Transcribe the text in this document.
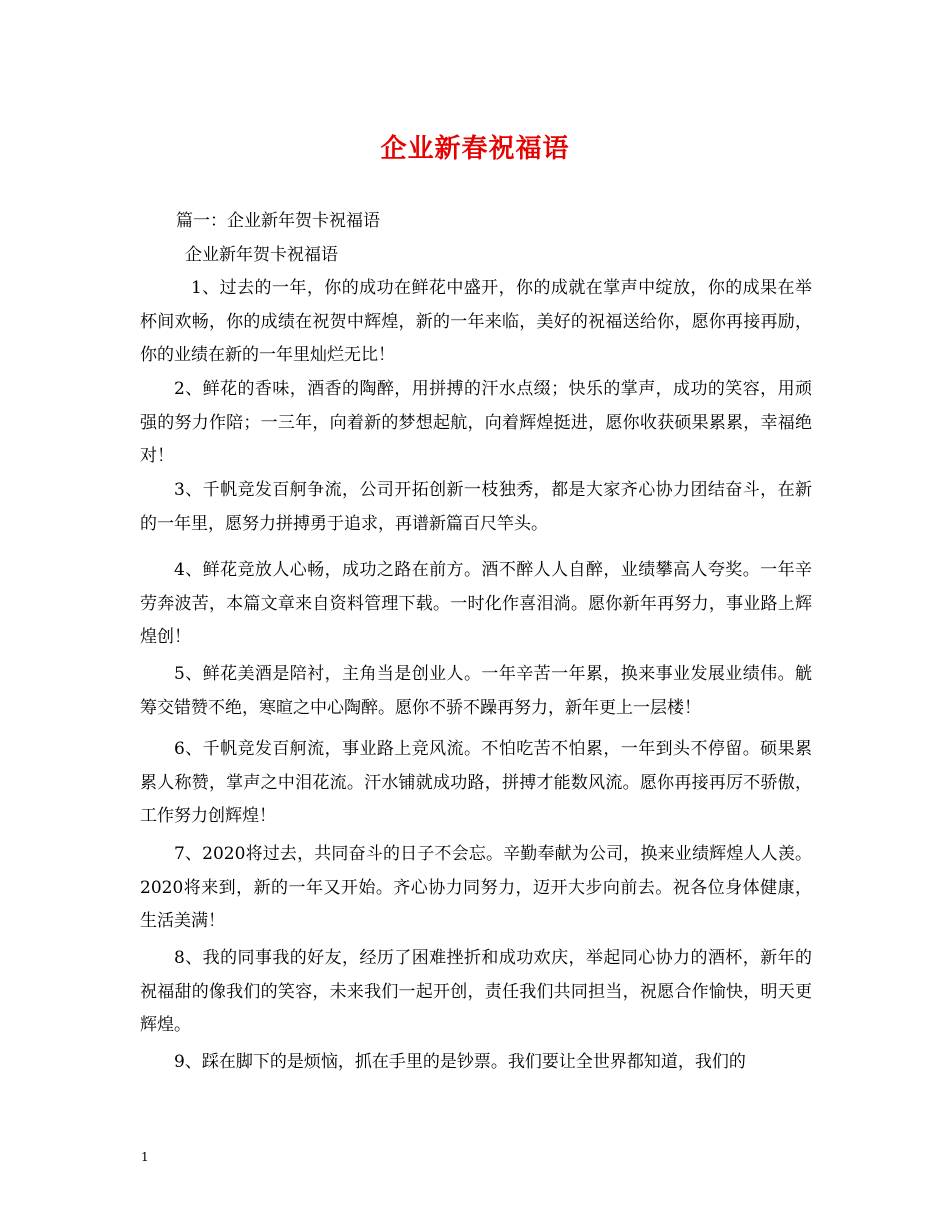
企业新春祝福语
篇一：企业新年贺卡祝福语
企业新年贺卡祝福语
1、过去的一年，你的成功在鲜花中盛开，你的成就在掌声中绽放，你的成果在举杯间欢畅，你的成绩在祝贺中辉煌，新的一年来临，美好的祝福送给你，愿你再接再励，你的业绩在新的一年里灿烂无比！
2、鲜花的香味，酒香的陶醉，用拼搏的汗水点缀；快乐的掌声，成功的笑容，用顽强的努力作陪；一三年，向着新的梦想起航，向着辉煌挺进，愿你收获硕果累累，幸福绝对！
3、千帆竞发百舸争流，公司开拓创新一枝独秀，都是大家齐心协力团结奋斗，在新的一年里，愿努力拼搏勇于追求，再谱新篇百尺竿头。
4、鲜花竞放人心畅，成功之路在前方。酒不醉人人自醉，业绩攀高人夸奖。一年辛劳奔波苦，本篇文章来自资料管理下载。一时化作喜泪淌。愿你新年再努力，事业路上辉煌创！
5、鲜花美酒是陪衬，主角当是创业人。一年辛苦一年累，换来事业发展业绩伟。觥筹交错赞不绝，寒暄之中心陶醉。愿你不骄不躁再努力，新年更上一层楼！
6、千帆竞发百舸流，事业路上竞风流。不怕吃苦不怕累，一年到头不停留。硕果累累人称赞，掌声之中泪花流。汗水铺就成功路，拼搏才能数风流。愿你再接再厉不骄傲，工作努力创辉煌！
7、2020将过去，共同奋斗的日子不会忘。辛勤奉献为公司，换来业绩辉煌人人羡。2020将来到，新的一年又开始。齐心协力同努力，迈开大步向前去。祝各位身体健康，生活美满！
8、我的同事我的好友，经历了困难挫折和成功欢庆，举起同心协力的酒杯，新年的祝福甜的像我们的笑容，未来我们一起开创，责任我们共同担当，祝愿合作愉快，明天更辉煌。
9、踩在脚下的是烦恼，抓在手里的是钞票。我们要让全世界都知道，我们的
1
